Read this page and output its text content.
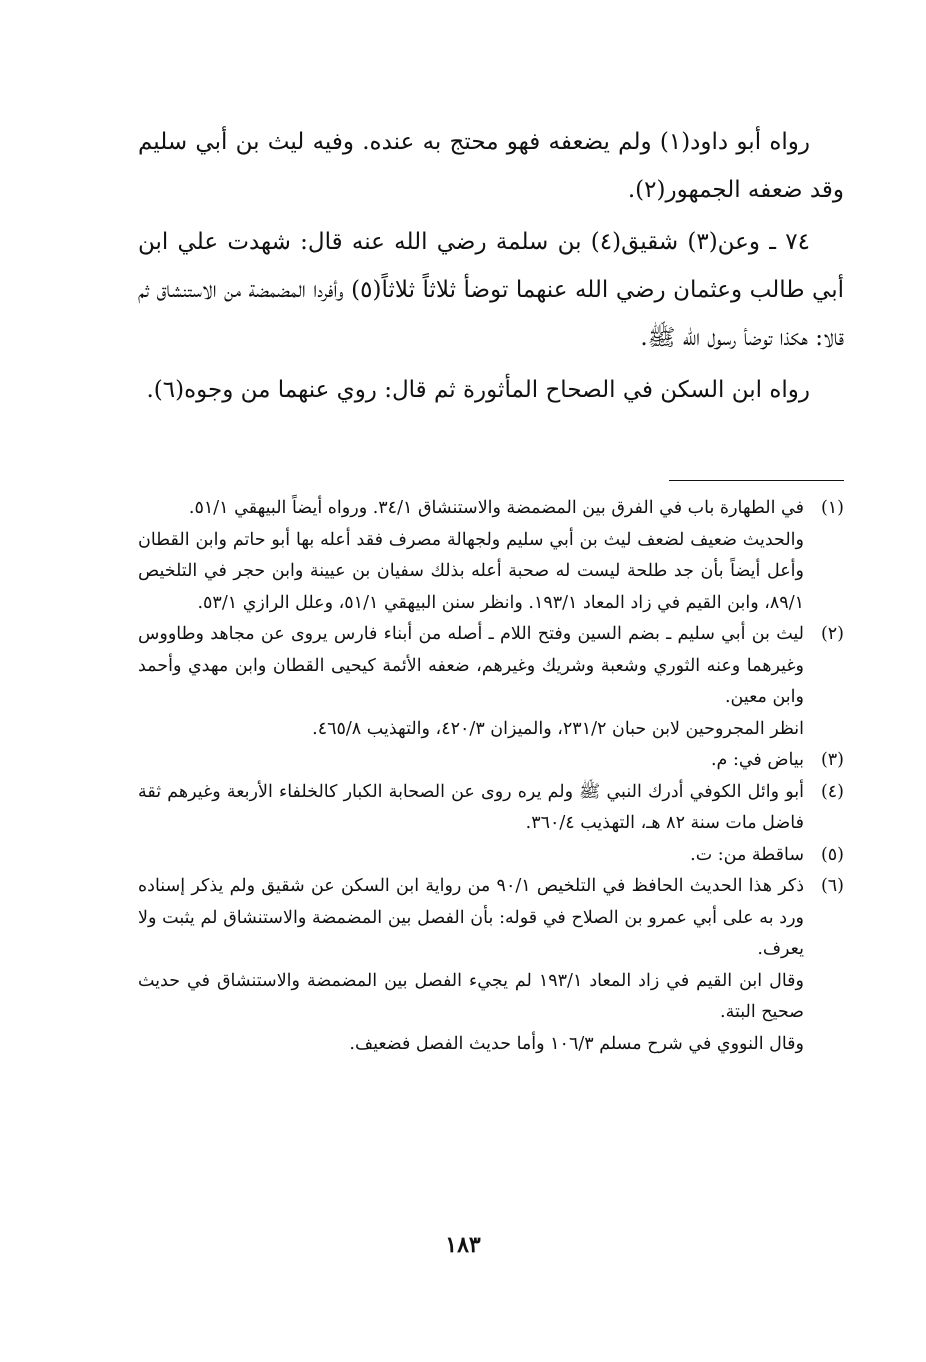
رواه أبو داود(١) ولم يضعفه فهو محتج به عنده. وفيه ليث بن أبي سليم وقد ضعفه الجمهور(٢).

٧٤ ـ وعن(٣) شقيق(٤) بن سلمة رضي الله عنه قال: شهدت علي ابن أبي طالب وعثمان رضي الله عنهما توضأ ثلاثاً ثلاثاً(٥) وأفردا المضمضة من الاستنشاق ثم قالا: هكذا توضأ رسول الله ﷺ.

رواه ابن السكن في الصحاح المأثورة ثم قال: روي عنهما من وجوه(٦).

(١)
في الطهارة باب في الفرق بين المضمضة والاستنشاق ٣٤/١. ورواه أيضاً البيهقي ٥١/١.
والحديث ضعيف لضعف ليث بن أبي سليم ولجهالة مصرف فقد أعله بها أبو حاتم وابن القطان وأعل أيضاً بأن جد طلحة ليست له صحبة أعله بذلك سفيان بن عيينة وابن حجر في التلخيص ٨٩/١، وابن القيم في زاد المعاد ١٩٣/١. وانظر سنن البيهقي ٥١/١، وعلل الرازي ٥٣/١.
(٢)
ليث بن أبي سليم ـ بضم السين وفتح اللام ـ أصله من أبناء فارس يروى عن مجاهد وطاووس وغيرهما وعنه الثوري وشعبة وشريك وغيرهم، ضعفه الأئمة كيحيى القطان وابن مهدي وأحمد وابن معين.
انظر المجروحين لابن حبان ٢٣١/٢، والميزان ٤٢٠/٣، والتهذيب ٤٦٥/٨.
(٣)
بياض في: م.
(٤)
أبو وائل الكوفي أدرك النبي ﷺ ولم يره روى عن الصحابة الكبار كالخلفاء الأربعة وغيرهم ثقة فاضل مات سنة ٨٢ هـ، التهذيب ٣٦٠/٤.
(٥)
ساقطة من: ت.
(٦)
ذكر هذا الحديث الحافظ في التلخيص ٩٠/١ من رواية ابن السكن عن شقيق ولم يذكر إسناده ورد به على أبي عمرو بن الصلاح في قوله: بأن الفصل بين المضمضة والاستنشاق لم يثبت ولا يعرف.
وقال ابن القيم في زاد المعاد ١٩٣/١ لم يجيء الفصل بين المضمضة والاستنشاق في حديث صحيح البتة.
وقال النووي في شرح مسلم ١٠٦/٣ وأما حديث الفصل فضعيف.
١٨٣
